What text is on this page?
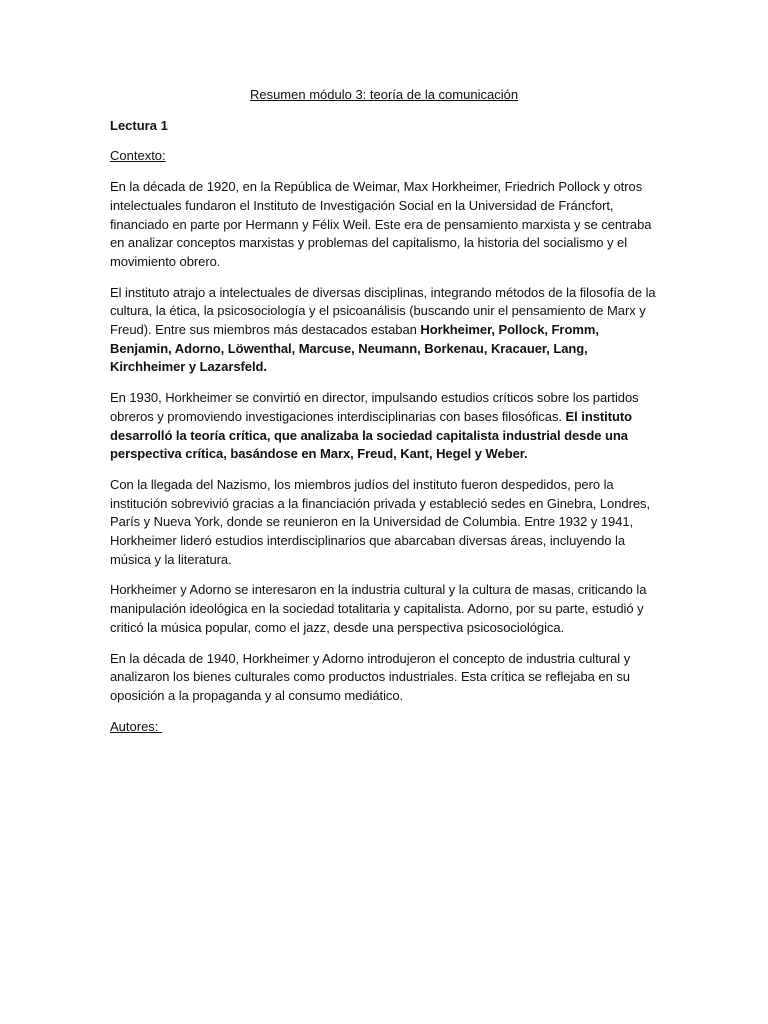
Resumen módulo 3: teoría de la comunicación
Lectura 1
Contexto:

En la década de 1920, en la República de Weimar, Max Horkheimer, Friedrich Pollock y otros intelectuales fundaron el Instituto de Investigación Social en la Universidad de Fráncfort, financiado en parte por Hermann y Félix Weil. Este era de pensamiento marxista y se centraba en analizar conceptos marxistas y problemas del capitalismo, la historia del socialismo y el movimiento obrero.

El instituto atrajo a intelectuales de diversas disciplinas, integrando métodos de la filosofía de la cultura, la ética, la psicosociología y el psicoanálisis (buscando unir el pensamiento de Marx y Freud). Entre sus miembros más destacados estaban Horkheimer, Pollock, Fromm, Benjamin, Adorno, Löwenthal, Marcuse, Neumann, Borkenau, Kracauer, Lang, Kirchheimer y Lazarsfeld.

En 1930, Horkheimer se convirtió en director, impulsando estudios críticos sobre los partidos obreros y promoviendo investigaciones interdisciplinarias con bases filosóficas. El instituto desarrolló la teoría crítica, que analizaba la sociedad capitalista industrial desde una perspectiva crítica, basándose en Marx, Freud, Kant, Hegel y Weber.

Con la llegada del Nazismo, los miembros judíos del instituto fueron despedidos, pero la institución sobrevivió gracias a la financiación privada y estableció sedes en Ginebra, Londres, París y Nueva York, donde se reunieron en la Universidad de Columbia. Entre 1932 y 1941, Horkheimer lideró estudios interdisciplinarios que abarcaban diversas áreas, incluyendo la música y la literatura.

Horkheimer y Adorno se interesaron en la industria cultural y la cultura de masas, criticando la manipulación ideológica en la sociedad totalitaria y capitalista. Adorno, por su parte, estudió y criticó la música popular, como el jazz, desde una perspectiva psicosociológica.

En la década de 1940, Horkheimer y Adorno introdujeron el concepto de industria cultural y analizaron los bienes culturales como productos industriales. Esta crítica se reflejaba en su oposición a la propaganda y al consumo mediático.

Autores:
